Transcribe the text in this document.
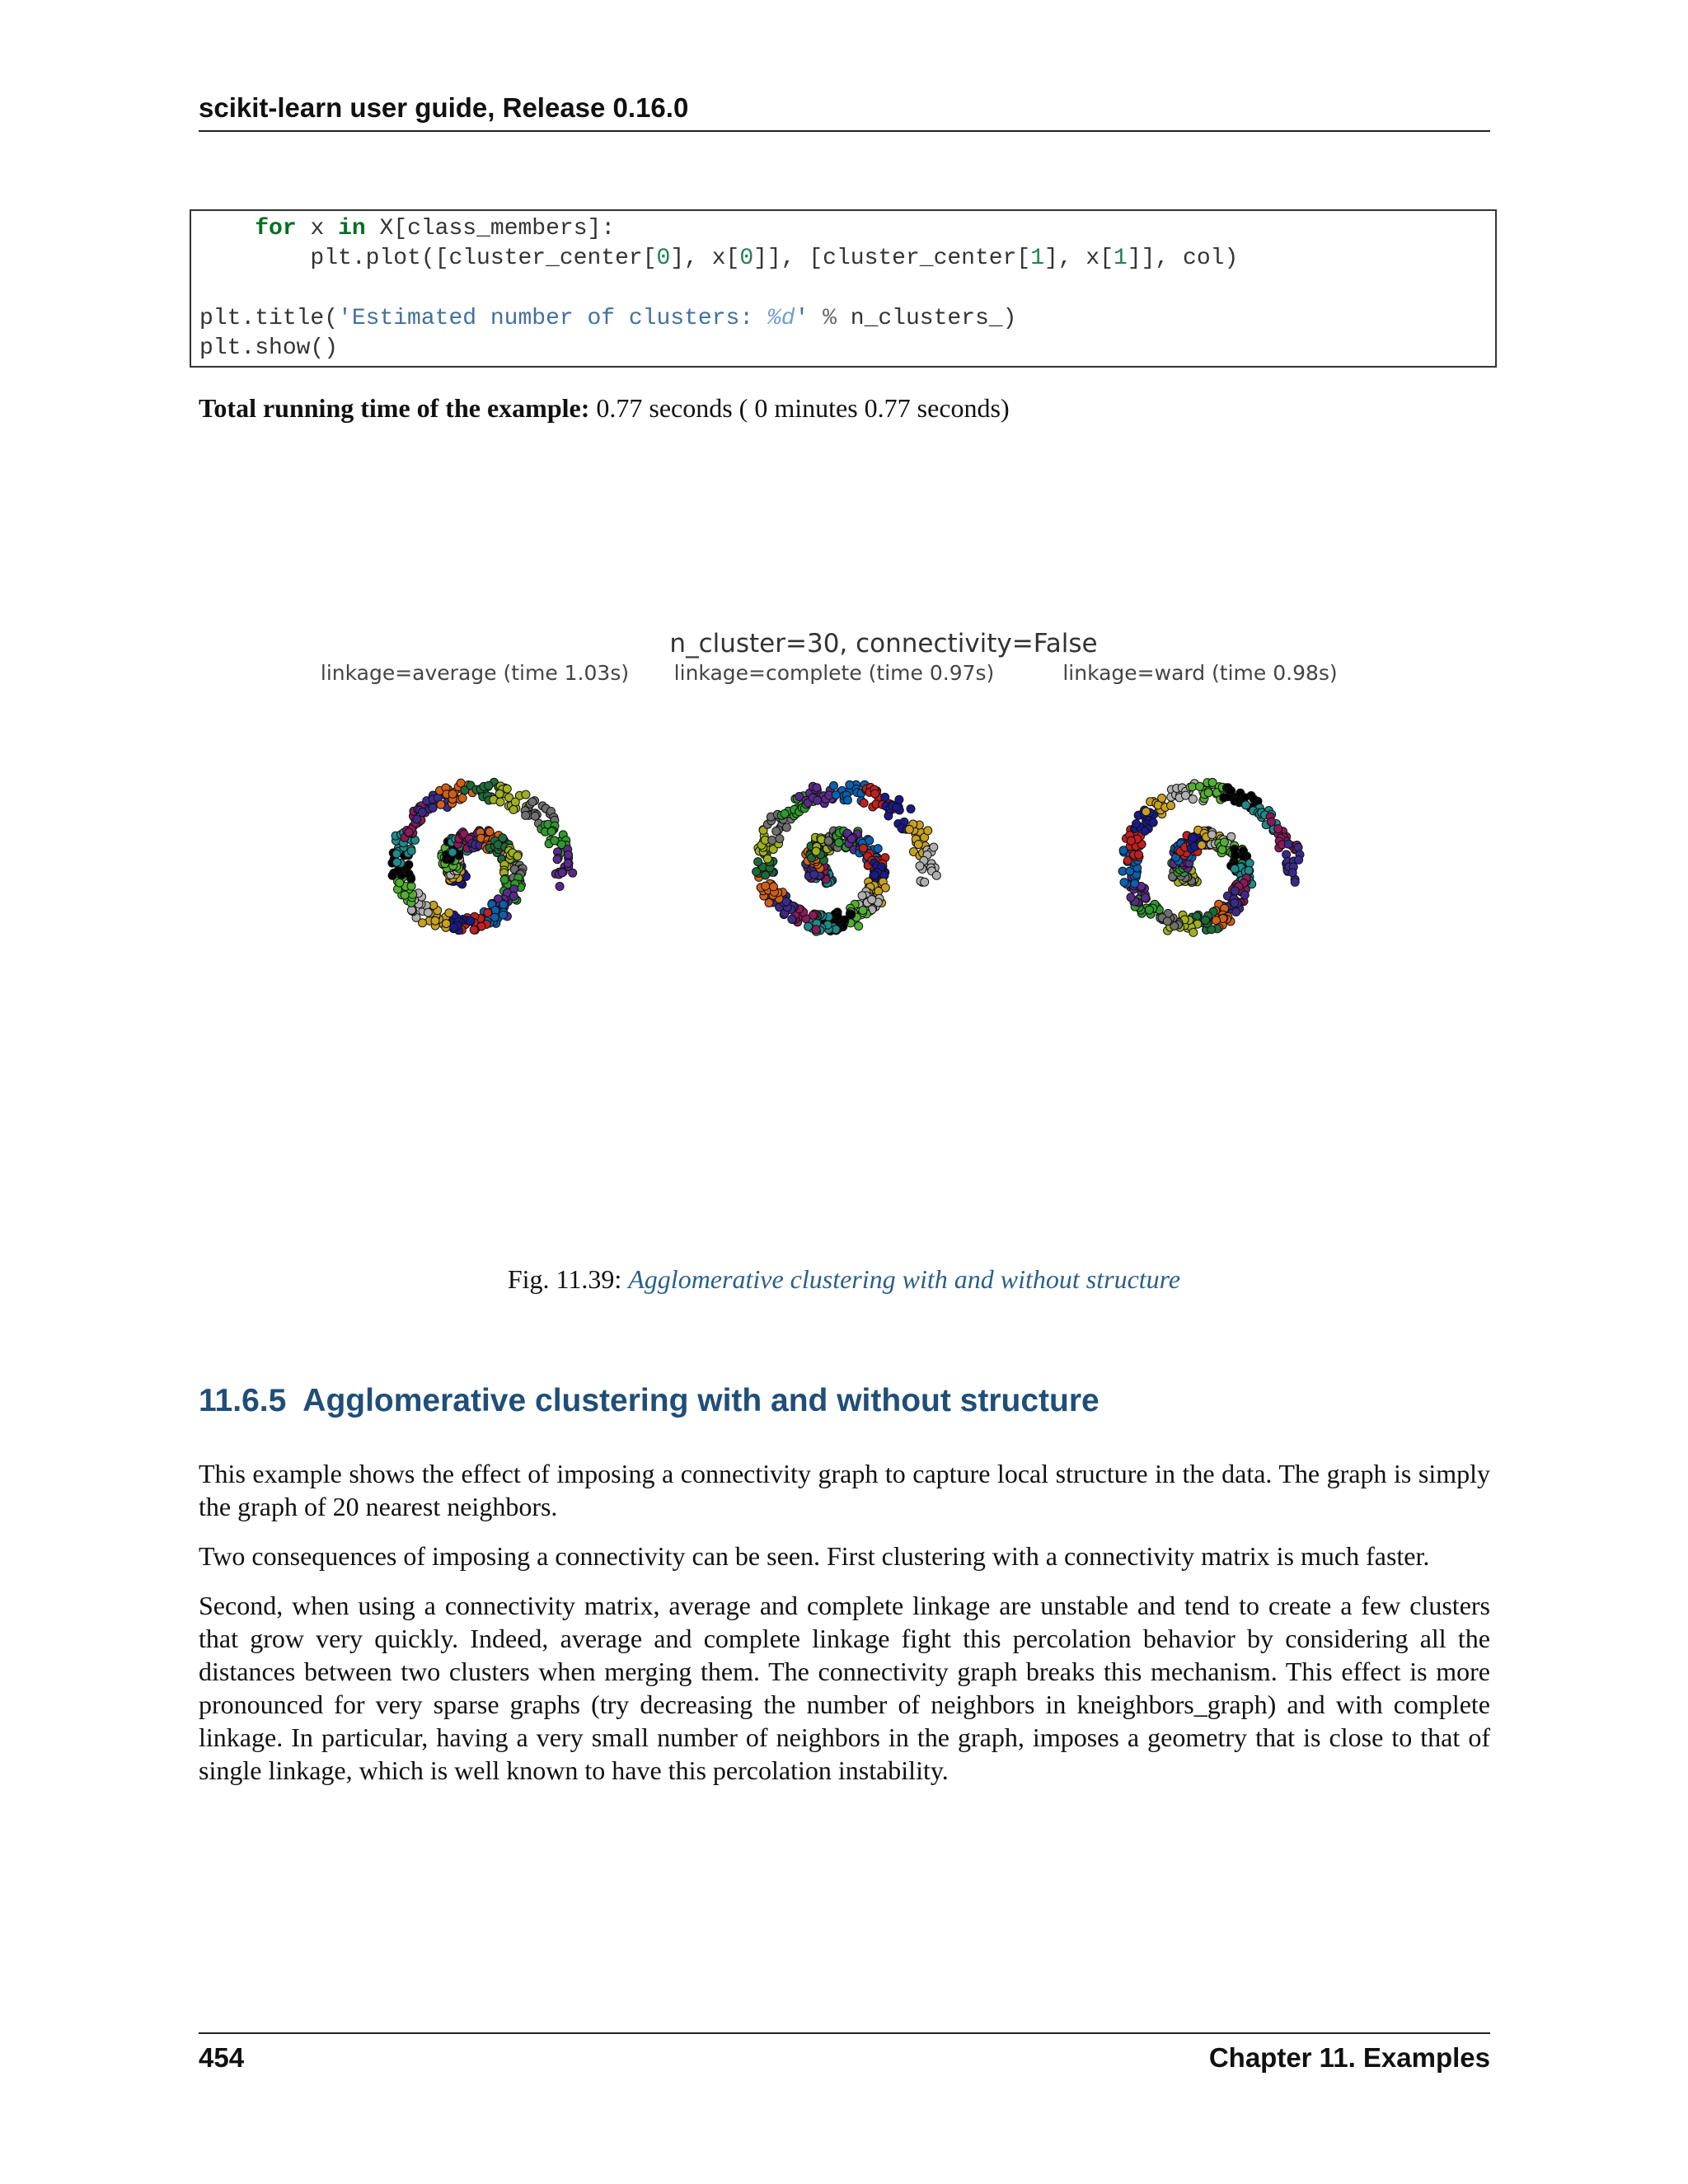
scikit-learn user guide, Release 0.16.0
for x in X[class_members]:
plt.plot([cluster_center[0], x[0]], [cluster_center[1], x[1]], col)
plt.title('Estimated number of clusters: %d' % n_clusters_)
plt.show()
Total running time of the example: 0.77 seconds ( 0 minutes 0.77 seconds)
n_cluster=30, connectivity=False
linkage=average (time 1.03s) linkage=complete (time 0.97s)	linkage=ward (time 0.98s)
Fig. 11.39: Agglomerative clustering with and without structure
11.6.5 Agglomerative clustering with and without structure
This example shows the effect of imposing a connectivity graph to capture local structure in the data. The graph is simply the graph of 20 nearest neighbors.
Two consequences of imposing a connectivity can be seen. First clustering with a connectivity matrix is much faster.
Second, when using a connectivity matrix, average and complete linkage are unstable and tend to create a few clusters that grow very quickly. Indeed, average and complete linkage fight this percolation behavior by considering all the distances between two clusters when merging them. The connectivity graph breaks this mechanism. This effect is more pronounced for very sparse graphs (try decreasing the number of neighbors in kneighbors_graph) and with complete linkage. In particular, having a very small number of neighbors in the graph, imposes a geometry that is close to that of single linkage, which is well known to have this percolation instability.
454	Chapter 11. Examples
